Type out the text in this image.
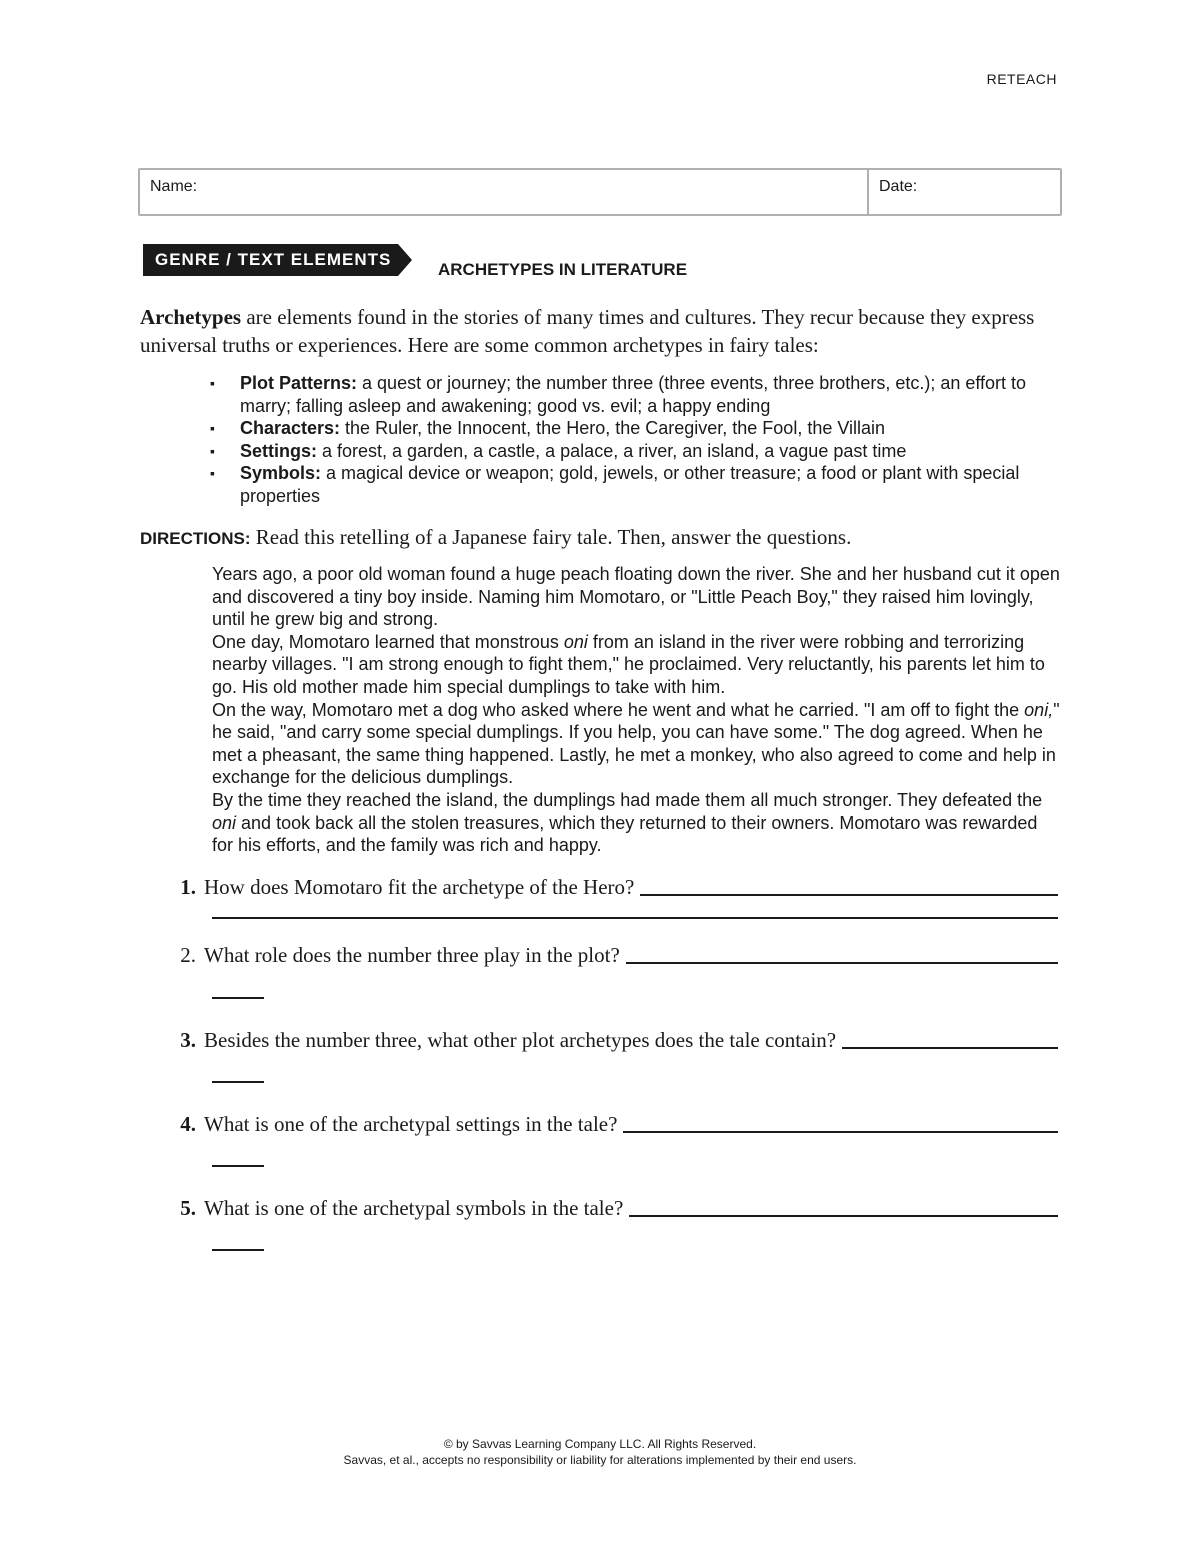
RETEACH
Name:	Date:
GENRE / TEXT ELEMENTS
ARCHETYPES IN LITERATURE
Archetypes are elements found in the stories of many times and cultures. They recur because they express universal truths or experiences. Here are some common archetypes in fairy tales:
▪ Plot Patterns: a quest or journey; the number three (three events, three brothers, etc.); an effort to marry; falling asleep and awakening; good vs. evil; a happy ending
▪ Characters: the Ruler, the Innocent, the Hero, the Caregiver, the Fool, the Villain
▪ Settings: a forest, a garden, a castle, a palace, a river, an island, a vague past time
▪ Symbols: a magical device or weapon; gold, jewels, or other treasure; a food or plant with special properties
DIRECTIONS: Read this retelling of a Japanese fairy tale. Then, answer the questions.

Years ago, a poor old woman found a huge peach floating down the river. She and her husband cut it open and discovered a tiny boy inside. Naming him Momotaro, or "Little Peach Boy," they raised him lovingly, until he grew big and strong.

One day, Momotaro learned that monstrous oni from an island in the river were robbing and terrorizing nearby villages. "I am strong enough to fight them," he proclaimed. Very reluctantly, his parents let him to go. His old mother made him special dumplings to take with him.

On the way, Momotaro met a dog who asked where he went and what he carried. "I am off to fight the oni," he said, "and carry some special dumplings. If you help, you can have some." The dog agreed. When he met a pheasant, the same thing happened. Lastly, he met a monkey, who also agreed to come and help in exchange for the delicious dumplings.

By the time they reached the island, the dumplings had made them all much stronger. They defeated the oni and took back all the stolen treasures, which they returned to their owners. Momotaro was rewarded for his efforts, and the family was rich and happy.

1. How does Momotaro fit the archetype of the Hero?
2. What role does the number three play in the plot?
3. Besides the number three, what other plot archetypes does the tale contain?
4. What is one of the archetypal settings in the tale?
5. What is one of the archetypal symbols in the tale?
© by Savvas Learning Company LLC. All Rights Reserved.
Savvas, et al., accepts no responsibility or liability for alterations implemented by their end users.
